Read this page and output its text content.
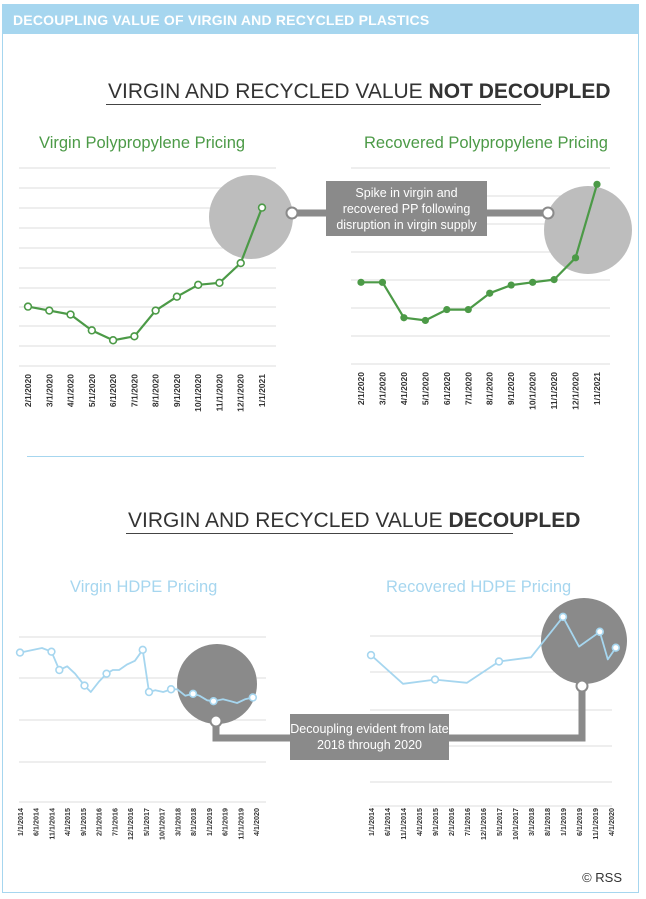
DECOUPLING VALUE OF VIRGIN AND RECYCLED PLASTICS
VIRGIN AND RECYCLED VALUE NOT DECOUPLED
VIRGIN AND RECYCLED VALUE DECOUPLED
Virgin Polypropylene Pricing	Recovered Polypropylene Pricing
Virgin HDPE Pricing	Recovered HDPE Pricing
2/1/2020 3/1/2020 4/1/2020 5/1/2020 6/1/2020 7/1/2020 8/1/2020 9/1/2020 10/1/2020 11/1/2020 12/1/2020 1/1/2021	2/1/2020 3/1/2020 4/1/2020 5/1/2020 6/1/2020 7/1/2020 8/1/2020 9/1/2020 10/1/2020 11/1/2020 12/1/2020 1/1/2021
1/1/2014 6/1/2014 11/1/2014 4/1/2015 9/1/2015 2/1/2016 7/1/2016 12/1/2016 5/1/2017 10/1/2017 3/1/2018 8/1/2018 1/1/2019 6/1/2019 11/1/2019 4/1/2020	1/1/2014 6/1/2014 11/1/2014 4/1/2015 9/1/2015 2/1/2016 7/1/2016 12/1/2016 5/1/2017 10/1/2017 3/1/2018 8/1/2018 1/1/2019 6/1/2019 11/1/2019 4/1/2020
Spike in virgin and recovered PP following disruption in virgin supply
Decoupling evident from late 2018 through 2020
© RSS
